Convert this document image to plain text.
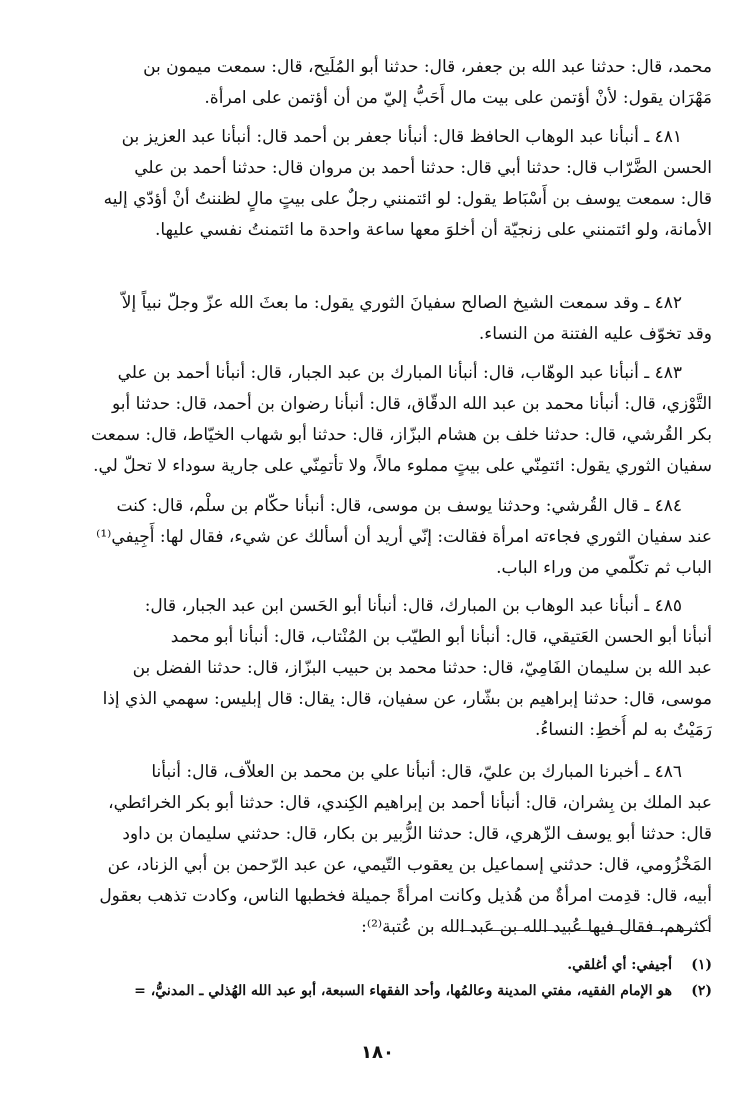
محمد، قال: حدثنا عبد الله بن جعفر، قال: حدثنا أبو المُلَيح، قال: سمعت ميمون بن
مَهْرَان يقول: لأنْ أؤتمن على بيت مال أَحَبُّ إليّ من أن أؤتمن على امرأة.
٤٨١ ـ أنبأنا عبد الوهاب الحافظ قال: أنبأنا جعفر بن أحمد قال: أنبأنا عبد العزيز بن
الحسن الضَّرّاب قال: حدثنا أبي قال: حدثنا أحمد بن مروان قال: حدثنا أحمد بن علي
قال: سمعت يوسف بن أَسْبَاط يقول: لو ائتمنني رجلٌ على بيتٍ مالٍ لظننتُ أنْ أؤدّي إليه
الأمانة، ولو ائتمنني على زنجيّة أن أخلوَ معها ساعة واحدة ما ائتمنتُ نفسي عليها.
٤٨٢ ـ وقد سمعت الشيخ الصالح سفيانَ الثوري يقول: ما بعثَ الله عزّ وجلّ نبياً إلاّ
وقد تخوّف عليه الفتنة من النساء.
٤٨٣ ـ أنبأنا عبد الوهّاب، قال: أنبأنا المبارك بن عبد الجبار، قال: أنبأنا أحمد بن علي
التَّوْزي، قال: أنبأنا محمد بن عبد الله الدقّاق، قال: أنبأنا رضوان بن أحمد، قال: حدثنا أبو
بكر القُرشي، قال: حدثنا خلف بن هشام البزّاز، قال: حدثنا أبو شهاب الخيّاط، قال: سمعت
سفيان الثوري يقول: ائتمِنّي على بيتٍ مملوء مالاً، ولا تأتمِنّي على جارية سوداء لا تحلّ لي.
٤٨٤ ـ قال القُرشي: وحدثنا يوسف بن موسى، قال: أنبأنا حكّام بن سلْم، قال: كنت
عند سفيان الثوري فجاءته امرأة فقالت: إنّي أريد أن أسألك عن شيء، فقال لها: أَجِيفي⁽¹⁾
الباب ثم تكلّمي من وراء الباب.
٤٨٥ ـ أنبأنا عبد الوهاب بن المبارك، قال: أنبأنا أبو الحَسن ابن عبد الجبار، قال:
أنبأنا أبو الحسن العَتيقي، قال: أنبأنا أبو الطيّب بن المُنْتاب، قال: أنبأنا أبو محمد
عبد الله بن سليمان الفَامِيّ، قال: حدثنا محمد بن حبيب البزّاز، قال: حدثنا الفضل بن
موسى، قال: حدثنا إبراهيم بن بشّار، عن سفيان، قال: يقال: قال إبليس: سهمي الذي إذا
رَمَيْتُ به لم أُخطِ: النساءُ.
٤٨٦ ـ أخبرنا المبارك بن عليّ، قال: أنبأنا علي بن محمد بن العلاّف، قال: أنبأنا
عبد الملك بن بِشران، قال: أنبأنا أحمد بن إبراهيم الكِندي، قال: حدثنا أبو بكر الخرائطي،
قال: حدثنا أبو يوسف الزّهري، قال: حدثنا الزُّبير بن بكار، قال: حدثني سليمان بن داود
المَخْزُومي، قال: حدثني إسماعيل بن يعقوب التّيمي، عن عبد الرّحمن بن أبي الزناد، عن
أبيه، قال: قدِمت امرأةٌ من هُذيل وكانت امرأةً جميلة فخطبها الناس، وكادت تذهب بعقول
أكثرهم، فقال فيها عُبيد الله بن عَبد الله بن عُتبة⁽²⁾:
(١)أجيفي: أي أغلقي.
(٢)هو الإمام الفقيه، مفتي المدينة وعالمُها، وأحد الفقهاء السبعة، أبو عبد الله الهُذلي ـ المدنيُّ، =
١٨٠
